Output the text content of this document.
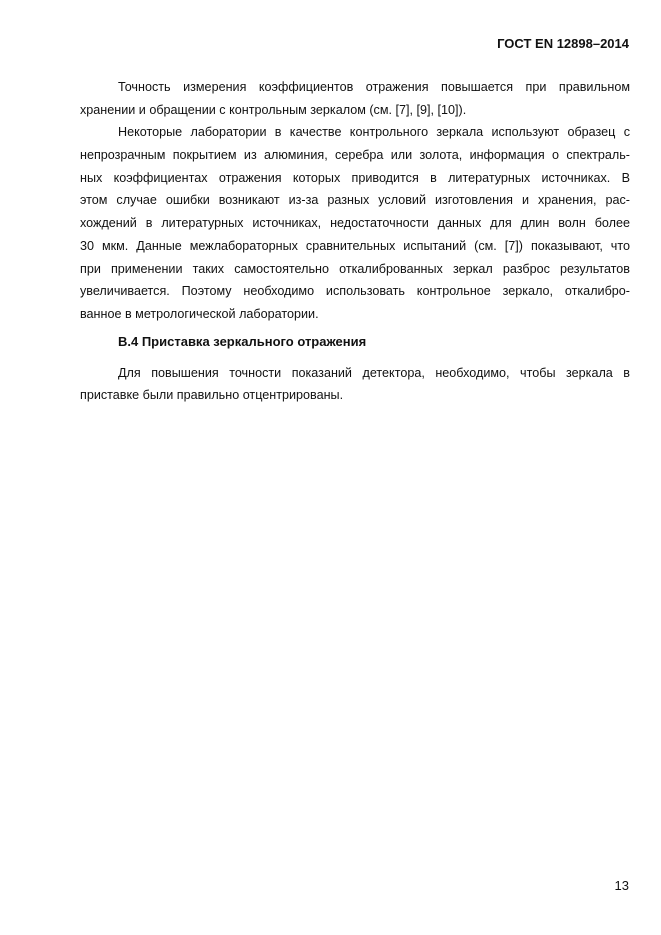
ГОСТ EN 12898–2014
Точность измерения коэффициентов отражения повышается при правильном
хранении и обращении с контрольным зеркалом (см. [7], [9], [10]).
Некоторые лаборатории в качестве контрольного зеркала используют образец с
непрозрачным покрытием из алюминия, серебра или золота, информация о спектраль-
ных коэффициентах отражения которых приводится в литературных источниках. В
этом случае ошибки возникают из-за разных условий изготовления и хранения, рас-
хождений в литературных источниках, недостаточности данных для длин волн более
30 мкм. Данные межлабораторных сравнительных испытаний (см. [7]) показывают, что
при применении таких самостоятельно откалиброванных зеркал разброс результатов
увеличивается. Поэтому необходимо использовать контрольное зеркало, откалибро-
ванное в метрологической лаборатории.
В.4 Приставка зеркального отражения
Для повышения точности показаний детектора, необходимо, чтобы зеркала в
приставке были правильно отцентрированы.
13
